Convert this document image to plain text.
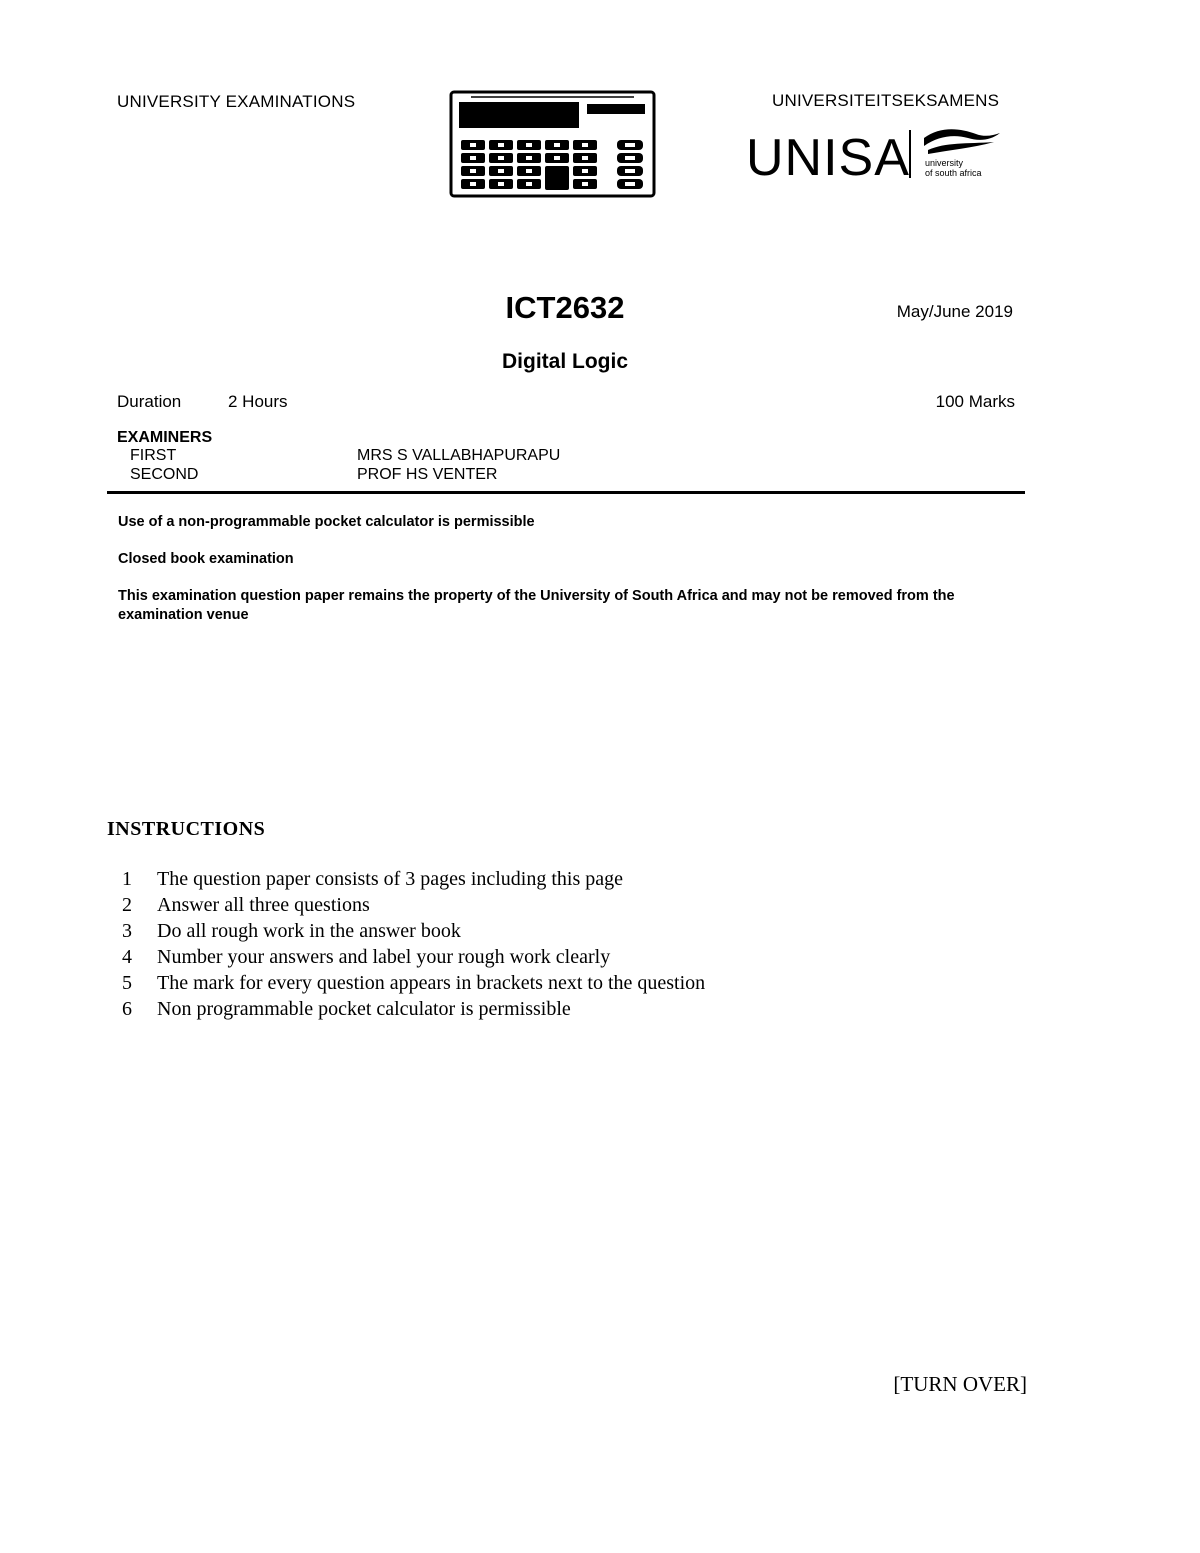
UNIVERSITY EXAMINATIONS	UNIVERSITEITSEKSAMENS
UNISA university
of south africa
ICT2632	May/June 2019
Digital Logic
Duration	2 Hours	100 Marks
EXAMINERS
FIRST	MRS S VALLABHAPURAPU
SECOND	PROF HS VENTER
Use of a non-programmable pocket calculator is permissible
Closed book examination
This examination question paper remains the property of the University of South Africa and may not be removed from the examination venue
INSTRUCTIONS
1	The question paper consists of 3 pages including this page
2	Answer all three questions
3	Do all rough work in the answer book
4	Number your answers and label your rough work clearly
5	The mark for every question appears in brackets next to the question
6	Non programmable pocket calculator is permissible
[TURN OVER]
